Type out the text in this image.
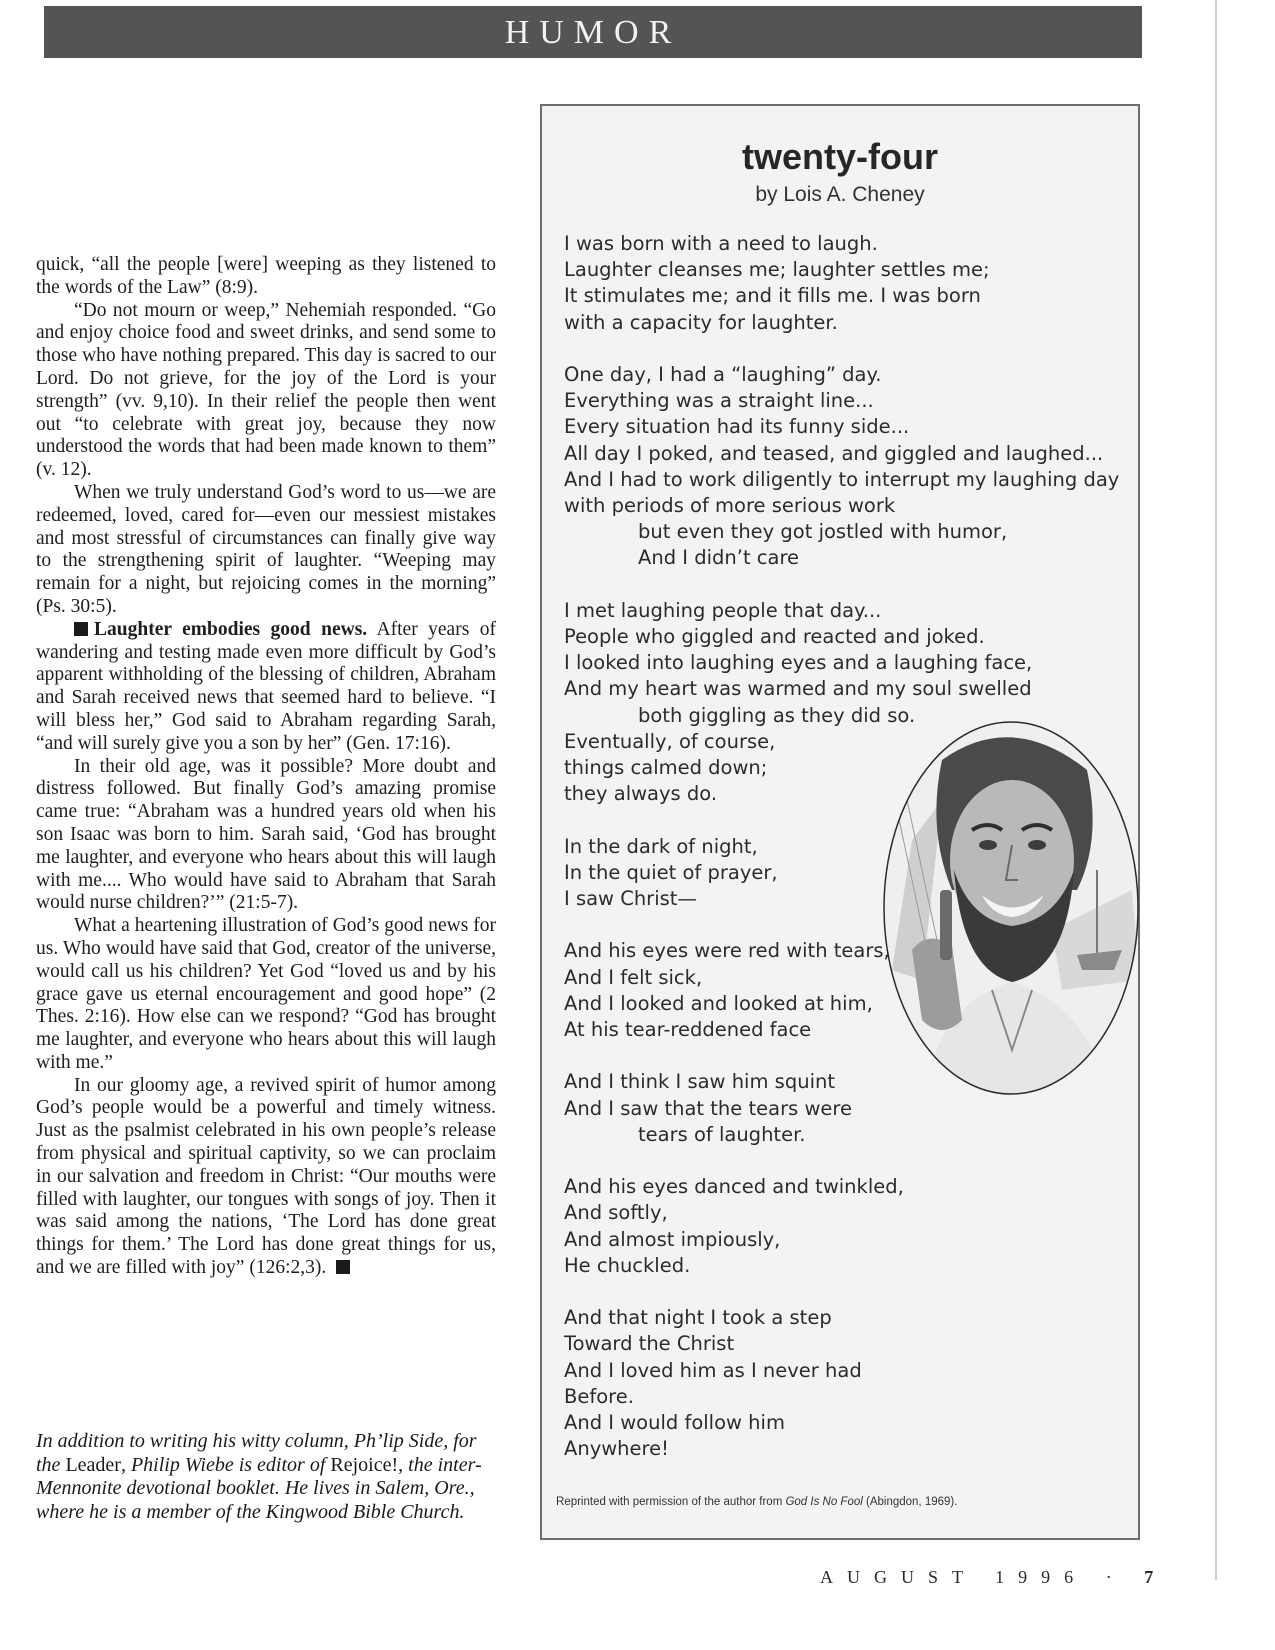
HUMOR

quick, “all the people [were] weeping as they listened to the words of the Law” (8:9).

“Do not mourn or weep,” Nehemiah responded. “Go and enjoy choice food and sweet drinks, and send some to those who have nothing prepared. This day is sacred to our Lord. Do not grieve, for the joy of the Lord is your strength” (vv. 9,10). In their relief the people then went out “to celebrate with great joy, because they now understood the words that had been made known to them” (v. 12).

When we truly understand God’s word to us—we are redeemed, loved, cared for—even our messiest mistakes and most stressful of circumstances can finally give way to the strengthening spirit of laughter. “Weeping may remain for a night, but rejoicing comes in the morning” (Ps. 30:5).

Laughter embodies good news. After years of wandering and testing made even more difficult by God’s apparent withholding of the blessing of children, Abraham and Sarah received news that seemed hard to believe. “I will bless her,” God said to Abraham regarding Sarah, “and will surely give you a son by her” (Gen. 17:16).

In their old age, was it possible? More doubt and distress followed. But finally God’s amazing promise came true: “Abraham was a hundred years old when his son Isaac was born to him. Sarah said, ‘God has brought me laughter, and everyone who hears about this will laugh with me.... Who would have said to Abraham that Sarah would nurse children?’” (21:5-7).

What a heartening illustration of God’s good news for us. Who would have said that God, creator of the universe, would call us his children? Yet God “loved us and by his grace gave us eternal encouragement and good hope” (2 Thes. 2:16). How else can we respond? “God has brought me laughter, and everyone who hears about this will laugh with me.”

In our gloomy age, a revived spirit of humor among God’s people would be a powerful and timely witness. Just as the psalmist celebrated in his own people’s release from physical and spiritual captivity, so we can proclaim in our salvation and freedom in Christ: “Our mouths were filled with laughter, our tongues with songs of joy. Then it was said among the nations, ‘The Lord has done great things for them.’ The Lord has done great things for us, and we are filled with joy” (126:2,3).

In addition to writing his witty column, Ph’lip Side, for the Leader, Philip Wiebe is editor of Rejoice!, the inter-Mennonite devotional booklet. He lives in Salem, Ore., where he is a member of the Kingwood Bible Church.
twenty-four
by Lois A. Cheney
I was born with a need to laugh.
Laughter cleanses me; laughter settles me;
It stimulates me; and it fills me. I was born
with a capacity for laughter.
One day, I had a “laughing” day.
Everything was a straight line...
Every situation had its funny side...
All day I poked, and teased, and giggled and laughed...
And I had to work diligently to interrupt my laughing day
with periods of more serious work
but even they got jostled with humor,
And I didn’t care
I met laughing people that day...
People who giggled and reacted and joked.
I looked into laughing eyes and a laughing face,
And my heart was warmed and my soul swelled
both giggling as they did so.
Eventually, of course,
things calmed down;
they always do.
In the dark of night,
In the quiet of prayer,
I saw Christ—
And his eyes were red with tears,
And I felt sick,
And I looked and looked at him,
At his tear-reddened face
And I think I saw him squint
And I saw that the tears were
tears of laughter.
And his eyes danced and twinkled,
And softly,
And almost impiously,
He chuckled.
And that night I took a step
Toward the Christ
And I loved him as I never had
Before.
And I would follow him
Anywhere!
Reprinted with permission of the author from God Is No Fool (Abingdon, 1969).
AUGUST 1996 · 7
